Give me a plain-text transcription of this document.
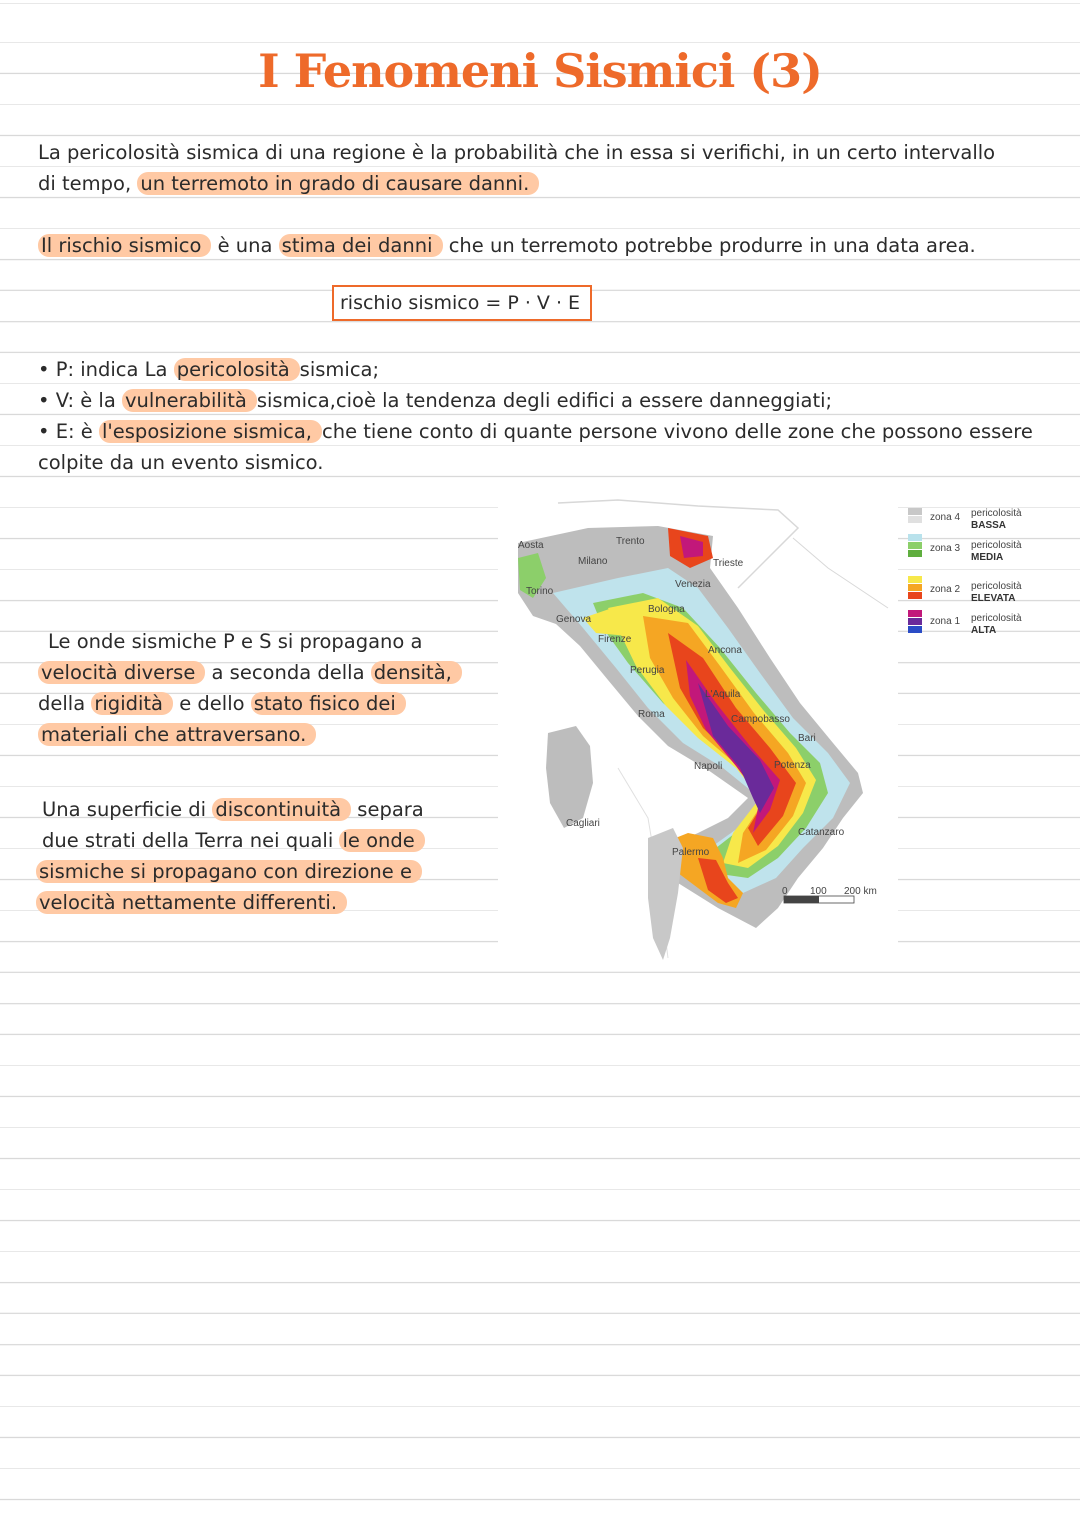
I Fenomeni Sismici (3)
La pericolosità sismica di una regione è la probabilità che in essa si verifichi, in un certo intervallo
di tempo, un terremoto in grado di causare danni.
Il rischio sismico è una stima dei danni che un terremoto potrebbe produrre in una data area.
rischio sismico = P · V · E
• P: indica La pericolosità sismica;
• V: è la vulnerabilità sismica,cioè la tendenza degli edifici a essere danneggiati;
• E: è l'esposizione sismica, che tiene conto di quante persone vivono delle zone che possono essere
colpite da un evento sismico.
Le onde sismiche P e S si propagano a
velocità diverse a seconda della densità,
della rigidità e dello stato fisico dei
materiali che attraversano.
Una superficie di discontinuità separa
due strati della Terra nei quali le onde
sismiche si propagano con direzione e
velocità nettamente differenti.	0 100 200 km
Aosta	Trento
Milano	Trieste
Torino
Venezia
Genova
Bologna
Firenze
Ancona
Perugia
L'Aquila
Roma	Campobasso
Bari
Napoli	Potenza
Cagliari
Catanzaro
Palermo
zona 4 pericolosità
BASSA
zona 3 pericolosità
MEDIA
zona 2 pericolosità
ELEVATA
zona 1 pericolosità
ALTA
